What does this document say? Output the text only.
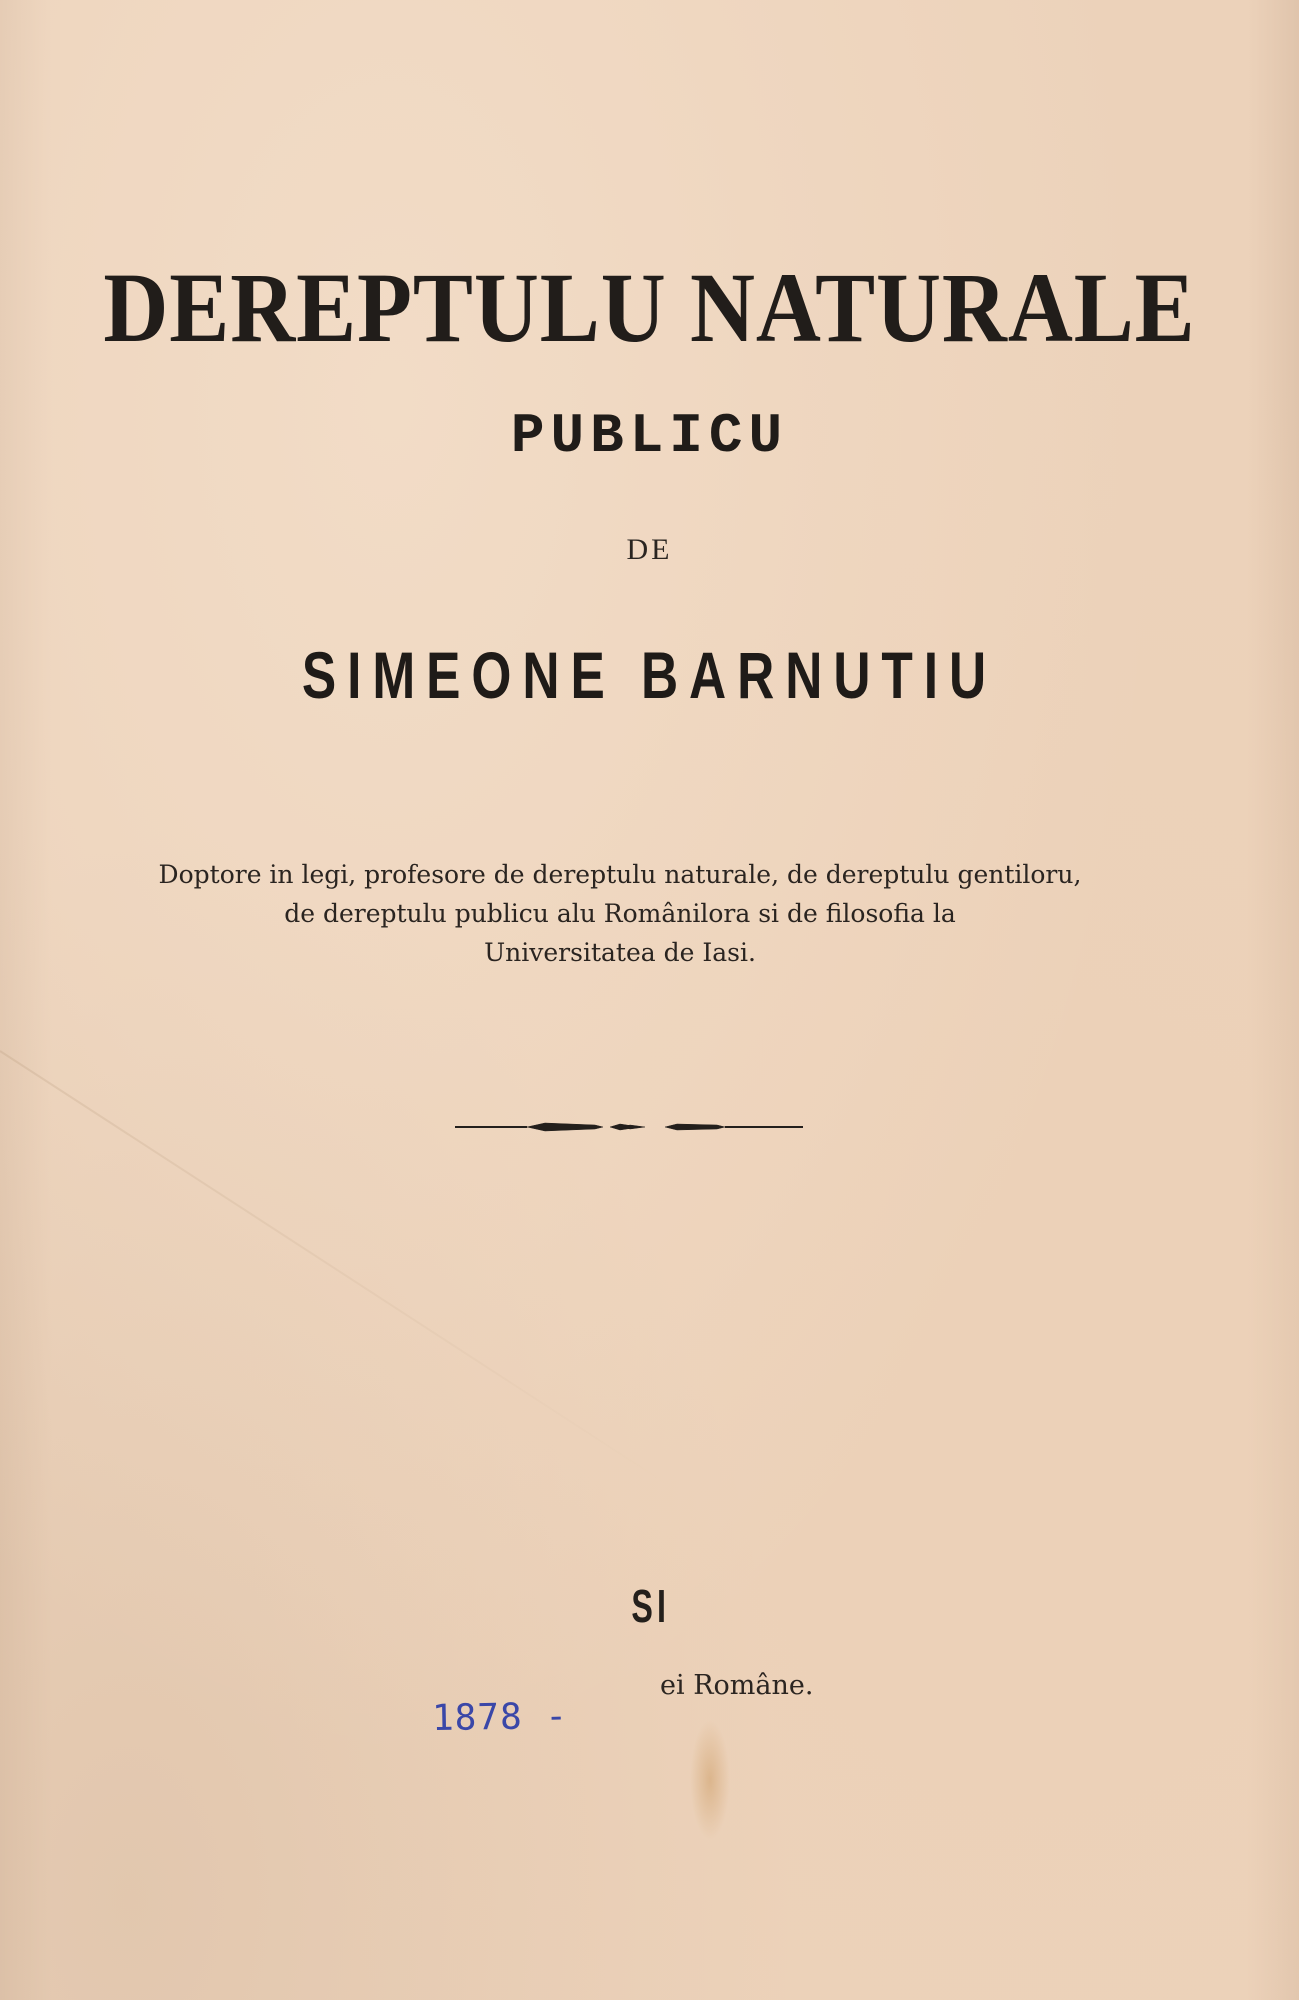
DEREPTULU NATURALE
PUBLICU
DE
SIMEONE BARNUTIU
Doptore in legi, profesore de dereptulu naturale, de dereptulu gentiloru,
de dereptulu publicu alu Românilora si de filosofia la
Universitatea de Iasi.
SI
ei Române.
1878 -
